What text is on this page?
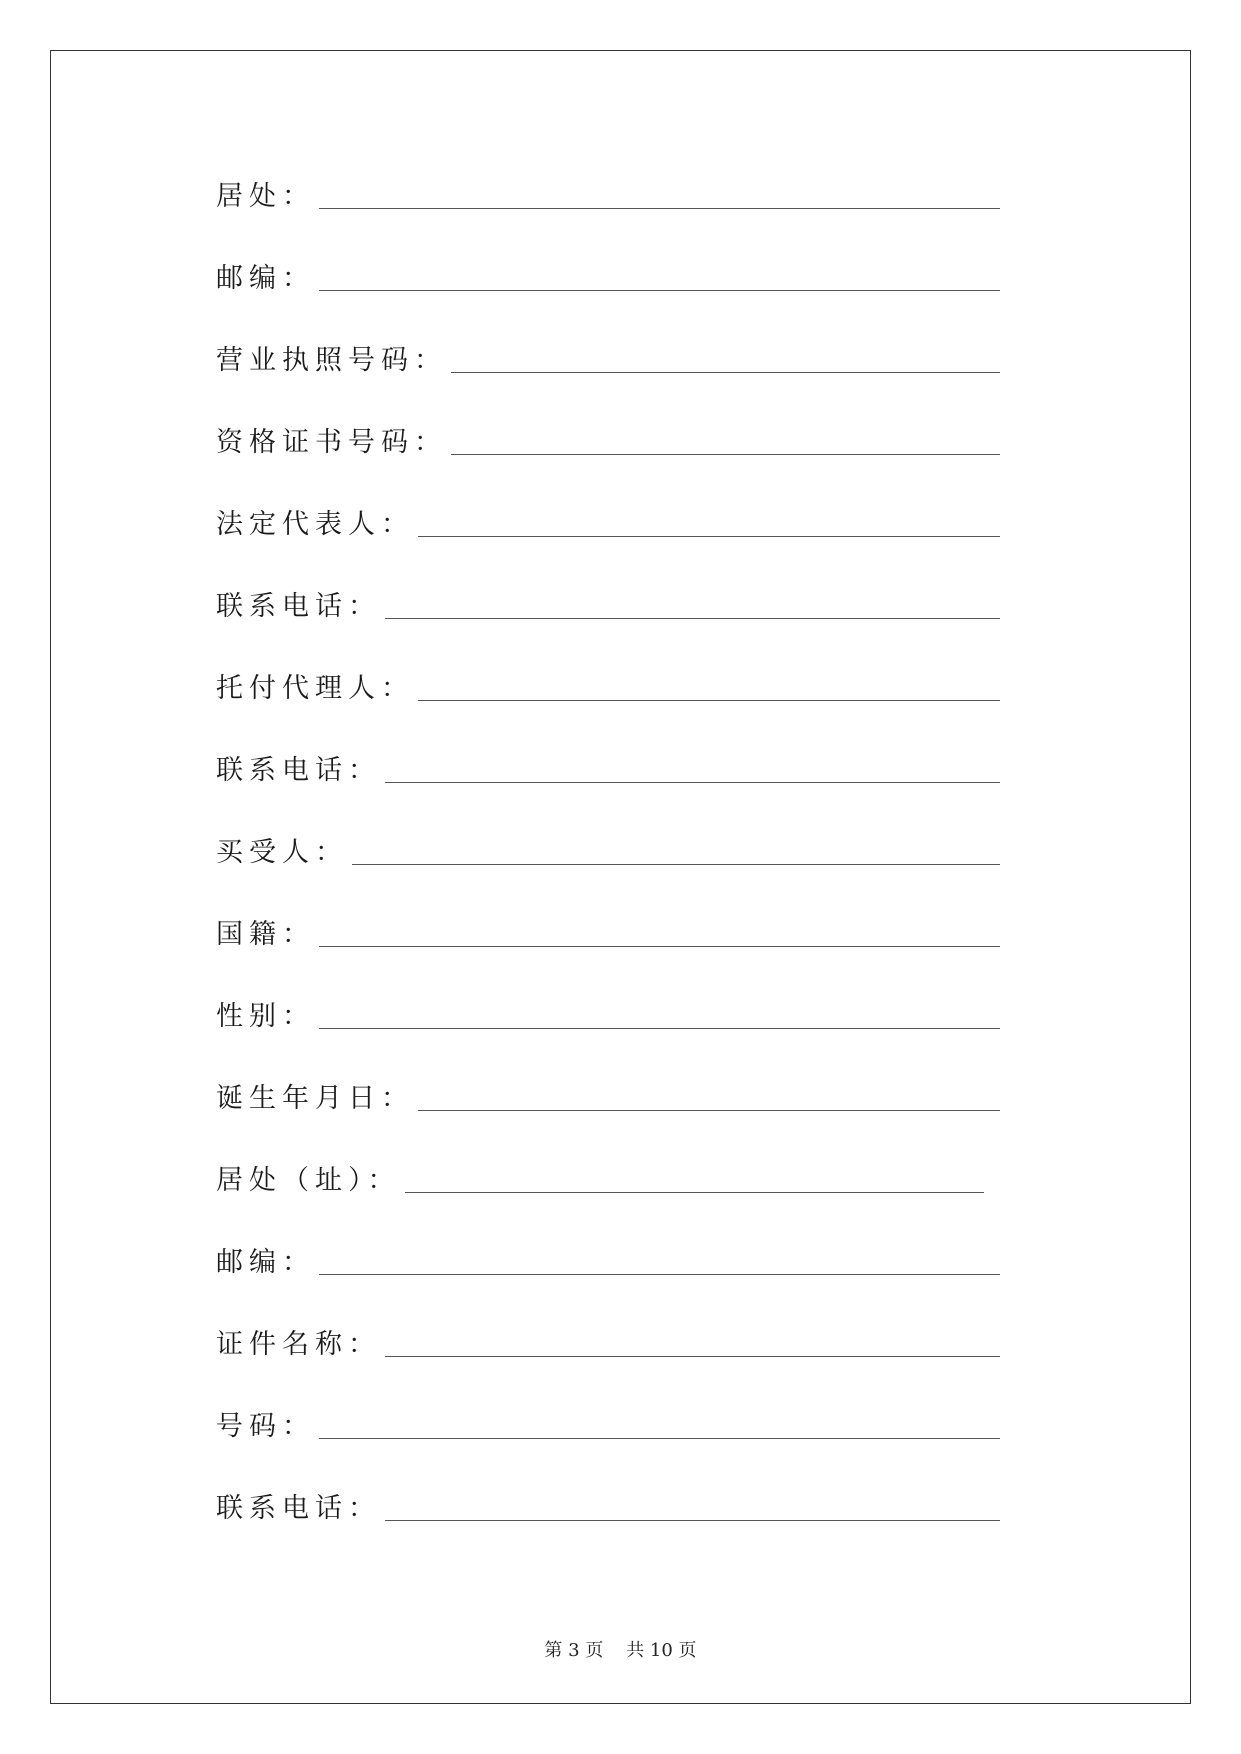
居处：
邮编：
营业执照号码：
资格证书号码：
法定代表人：
联系电话：
托付代理人：
联系电话：
买受人：
国籍：
性别：
诞生年月日：
居处（址）：
邮编：
证件名称：
号码：
联系电话：
第 3 页    共 10 页
